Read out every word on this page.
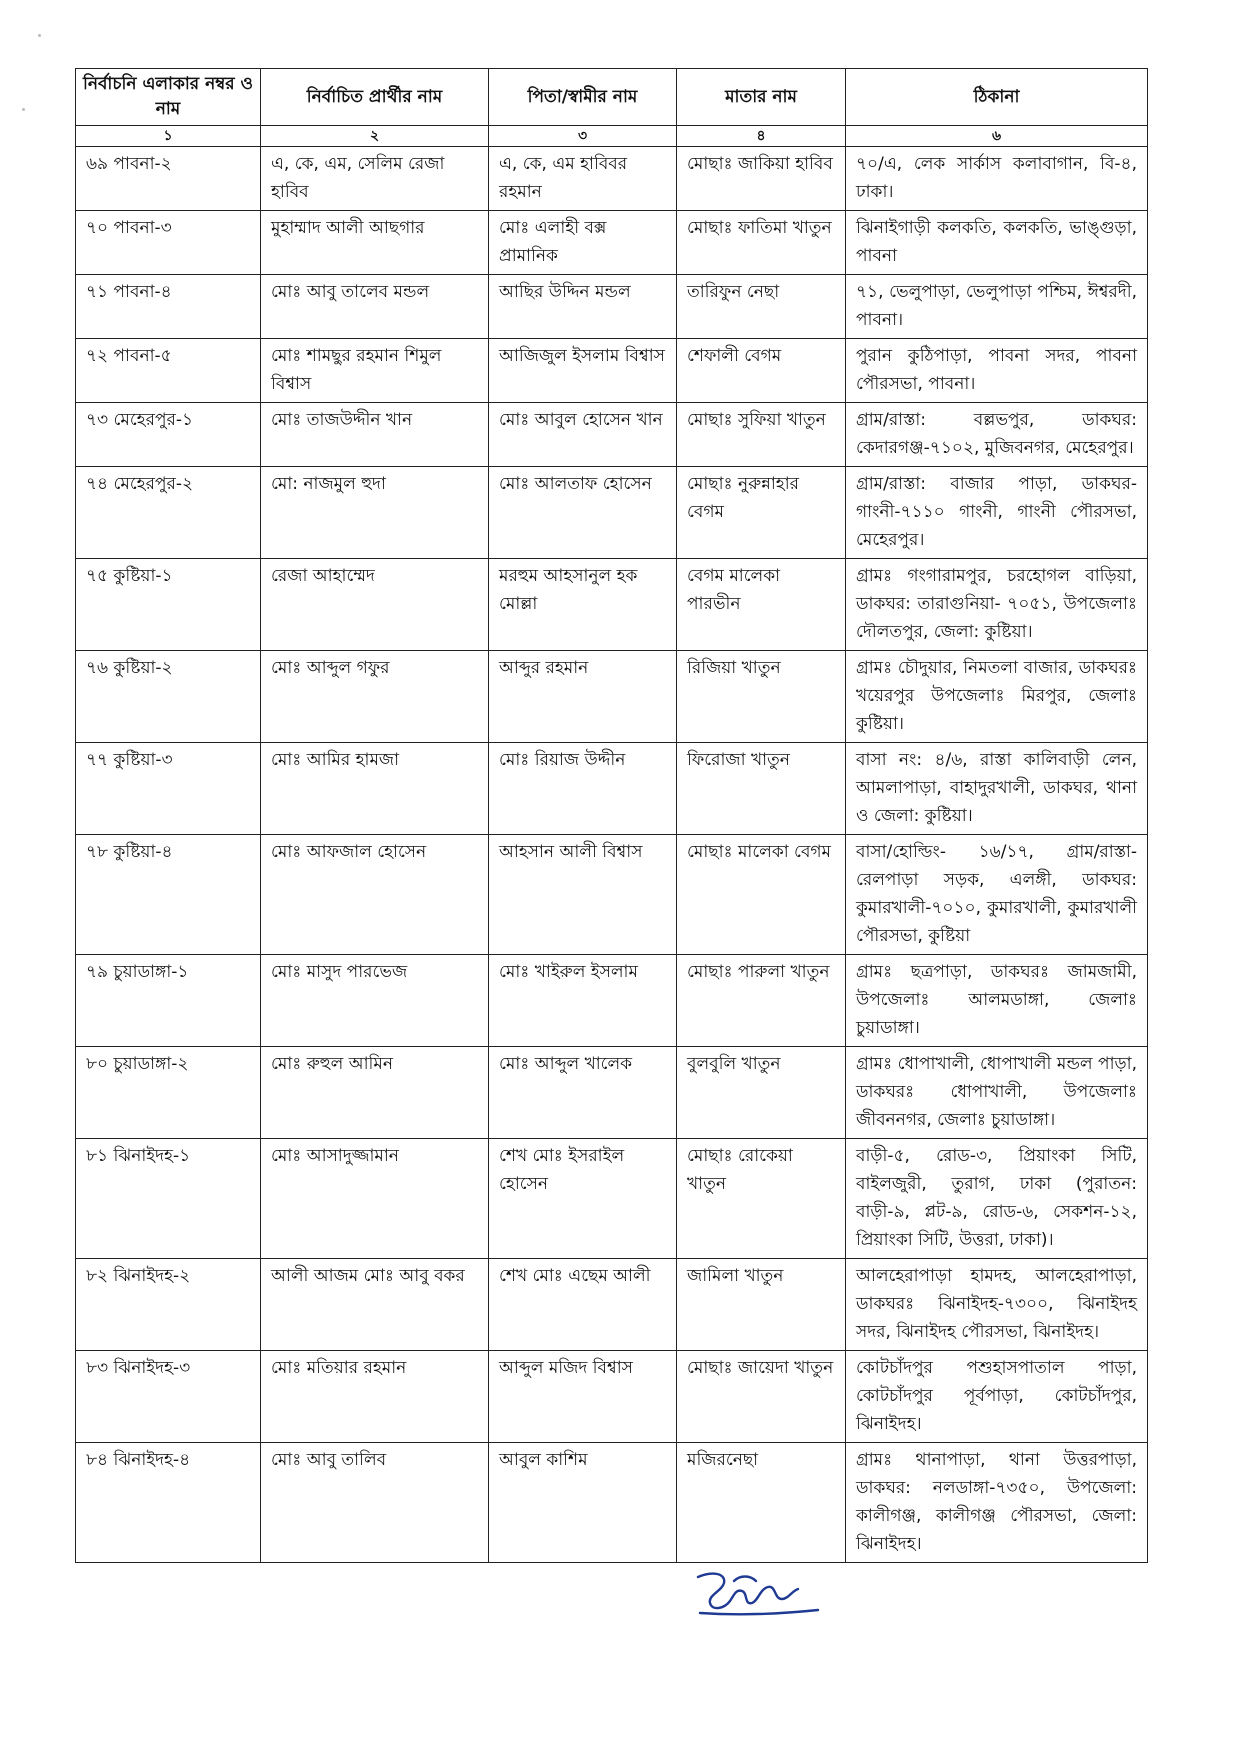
নির্বাচনি এলাকার নম্বর ও নাম	নির্বাচিত প্রার্থীর নাম	পিতা/স্বামীর নাম	মাতার নাম	ঠিকানা
১	২	৩	৪	৬
৬৯ পাবনা-২	এ, কে, এম, সেলিম রেজা হাবিব	এ, কে, এম হাবিবর রহমান	মোছাঃ জাকিয়া হাবিব	৭০/এ, লেক সার্কাস কলাবাগান, বি-৪, ঢাকা।
৭০ পাবনা-৩	মুহাম্মাদ আলী আছগার	মোঃ এলাহী বক্স প্রামানিক	মোছাঃ ফাতিমা খাতুন	ঝিনাইগাড়ী কলকতি, কলকতি, ভাঙ্গুড়া, পাবনা
৭১ পাবনা-৪	মোঃ আবু তালেব মন্ডল	আছির উদ্দিন মন্ডল	তারিফুন নেছা	৭১, ভেলুপাড়া, ভেলুপাড়া পশ্চিম, ঈশ্বরদী, পাবনা।
৭২ পাবনা-৫	মোঃ শামছুর রহমান শিমুল বিশ্বাস	আজিজুল ইসলাম বিশ্বাস	শেফালী বেগম	পুরান কুঠিপাড়া, পাবনা সদর, পাবনা পৌরসভা, পাবনা।
৭৩ মেহেরপুর-১	মোঃ তাজউদ্দীন খান	মোঃ আবুল হোসেন খান	মোছাঃ সুফিয়া খাতুন	গ্রাম/রাস্তা: বল্লভপুর, ডাকঘর: কেদারগঞ্জ-৭১০২, মুজিবনগর, মেহেরপুর।
৭৪ মেহেরপুর-২	মো: নাজমুল হুদা	মোঃ আলতাফ হোসেন	মোছাঃ নুরুন্নাহার বেগম	গ্রাম/রাস্তা: বাজার পাড়া, ডাকঘর-গাংনী-৭১১০ গাংনী, গাংনী পৌরসভা, মেহেরপুর।
৭৫ কুষ্টিয়া-১	রেজা আহাম্মেদ	মরহুম আহসানুল হক মোল্লা	বেগম মালেকা পারভীন	গ্রামঃ গংগারামপুর, চরহোগল বাড়িয়া, ডাকঘর: তারাগুনিয়া- ৭০৫১, উপজেলাঃ দৌলতপুর, জেলা: কুষ্টিয়া।
৭৬ কুষ্টিয়া-২	মোঃ আব্দুল গফুর	আব্দুর রহমান	রিজিয়া খাতুন	গ্রামঃ চৌদুয়ার, নিমতলা বাজার, ডাকঘরঃ খয়েরপুর উপজেলাঃ মিরপুর, জেলাঃ কুষ্টিয়া।
৭৭ কুষ্টিয়া-৩	মোঃ আমির হামজা	মোঃ রিয়াজ উদ্দীন	ফিরোজা খাতুন	বাসা নং: ৪/৬, রাস্তা কালিবাড়ী লেন, আমলাপাড়া, বাহাদুরখালী, ডাকঘর, থানা ও জেলা: কুষ্টিয়া।
৭৮ কুষ্টিয়া-৪	মোঃ আফজাল হোসেন	আহসান আলী বিশ্বাস	মোছাঃ মালেকা বেগম	বাসা/হোল্ডিং- ১৬/১৭, গ্রাম/রাস্তা- রেলপাড়া সড়ক, এলঙ্গী, ডাকঘর: কুমারখালী-৭০১০, কুমারখালী, কুমারখালী পৌরসভা, কুষ্টিয়া
৭৯ চুয়াডাঙ্গা-১	মোঃ মাসুদ পারভেজ	মোঃ খাইরুল ইসলাম	মোছাঃ পারুলা খাতুন	গ্রামঃ ছত্রপাড়া, ডাকঘরঃ জামজামী, উপজেলাঃ আলমডাঙ্গা, জেলাঃ চুয়াডাঙ্গা।
৮০ চুয়াডাঙ্গা-২	মোঃ রুহুল আমিন	মোঃ আব্দুল খালেক	বুলবুলি খাতুন	গ্রামঃ ধোপাখালী, ধোপাখালী মন্ডল পাড়া, ডাকঘরঃ ধোপাখালী, উপজেলাঃ জীবননগর, জেলাঃ চুয়াডাঙ্গা।
৮১ ঝিনাইদহ-১	মোঃ আসাদুজ্জামান	শেখ মোঃ ইসরাইল হোসেন	মোছাঃ রোকেয়া খাতুন	বাড়ী-৫, রোড-৩, প্রিয়াংকা সিটি, বাইলজুরী, তুরাগ, ঢাকা (পুরাতন: বাড়ী-৯, প্লট-৯, রোড-৬, সেকশন-১২, প্রিয়াংকা সিটি, উত্তরা, ঢাকা)।
৮২ ঝিনাইদহ-২	আলী আজম মোঃ আবু বকর	শেখ মোঃ এছেম আলী	জামিলা খাতুন	আলহেরাপাড়া হামদহ, আলহেরাপাড়া, ডাকঘরঃ ঝিনাইদহ-৭৩০০, ঝিনাইদহ সদর, ঝিনাইদহ পৌরসভা, ঝিনাইদহ।
৮৩ ঝিনাইদহ-৩	মোঃ মতিয়ার রহমান	আব্দুল মজিদ বিশ্বাস	মোছাঃ জায়েদা খাতুন	কোটচাঁদপুর পশুহাসপাতাল পাড়া, কোটচাঁদপুর পূর্বপাড়া, কোটচাঁদপুর, ঝিনাইদহ।
৮৪ ঝিনাইদহ-৪	মোঃ আবু তালিব	আবুল কাশিম	মজিরনেছা	গ্রামঃ থানাপাড়া, থানা উত্তরপাড়া, ডাকঘর: নলডাঙ্গা-৭৩৫০, উপজেলা: কালীগঞ্জ, কালীগঞ্জ পৌরসভা, জেলা: ঝিনাইদহ।
